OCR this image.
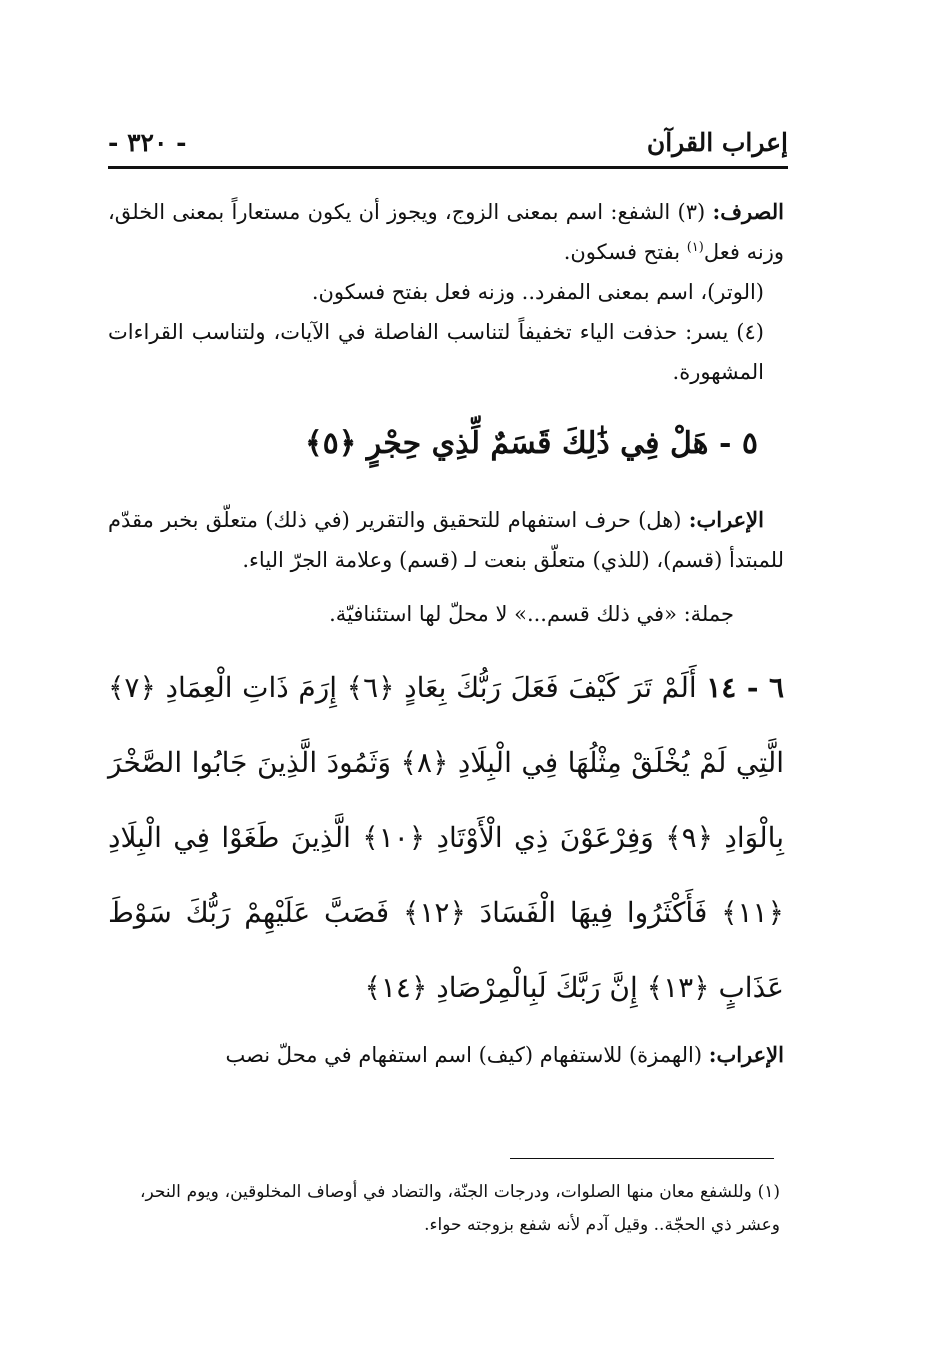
- ٣٢٠ -	إعراب القرآن

الصرف: (٣) الشفع: اسم بمعنى الزوج، ويجوز أن يكون مستعاراً بمعنى الخلق، وزنه فعل$^{(١)}$ بفتح فسكون.

(الوتر)، اسم بمعنى المفرد.. وزنه فعل بفتح فسكون.

(٤) يسر: حذفت الياء تخفيفاً لتناسب الفاصلة في الآيات، ولتناسب القراءات المشهورة.

٥ - هَلْ فِي ذَٰلِكَ قَسَمٌ لِّذِي حِجْرٍ ﴿٥﴾

الإعراب: (هل) حرف استفهام للتحقيق والتقرير (في ذلك) متعلّق بخبر مقدّم للمبتدأ (قسم)، (للذي) متعلّق بنعت لـ (قسم) وعلامة الجرّ الياء.

جملة: «في ذلك قسم...» لا محلّ لها استئنافيّة.

٦ - ١٤ أَلَمْ تَرَ كَيْفَ فَعَلَ رَبُّكَ بِعَادٍ ﴿٦﴾ إِرَمَ ذَاتِ الْعِمَادِ ﴿٧﴾ الَّتِي لَمْ يُخْلَقْ مِثْلُهَا فِي الْبِلَادِ ﴿٨﴾ وَثَمُودَ الَّذِينَ جَابُوا الصَّخْرَ بِالْوَادِ ﴿٩﴾ وَفِرْعَوْنَ ذِي الْأَوْتَادِ ﴿١٠﴾ الَّذِينَ طَغَوْا فِي الْبِلَادِ ﴿١١﴾ فَأَكْثَرُوا فِيهَا الْفَسَادَ ﴿١٢﴾ فَصَبَّ عَلَيْهِمْ رَبُّكَ سَوْطَ عَذَابٍ ﴿١٣﴾ إِنَّ رَبَّكَ لَبِالْمِرْصَادِ ﴿١٤﴾

الإعراب: (الهمزة) للاستفهام (كيف) اسم استفهام في محلّ نصب

(١) وللشفع معان منها الصلوات، ودرجات الجنّة، والتضاد في أوصاف المخلوقين، ويوم النحر، وعشر ذي الحجّة.. وقيل آدم لأنه شفع بزوجته حواء.
